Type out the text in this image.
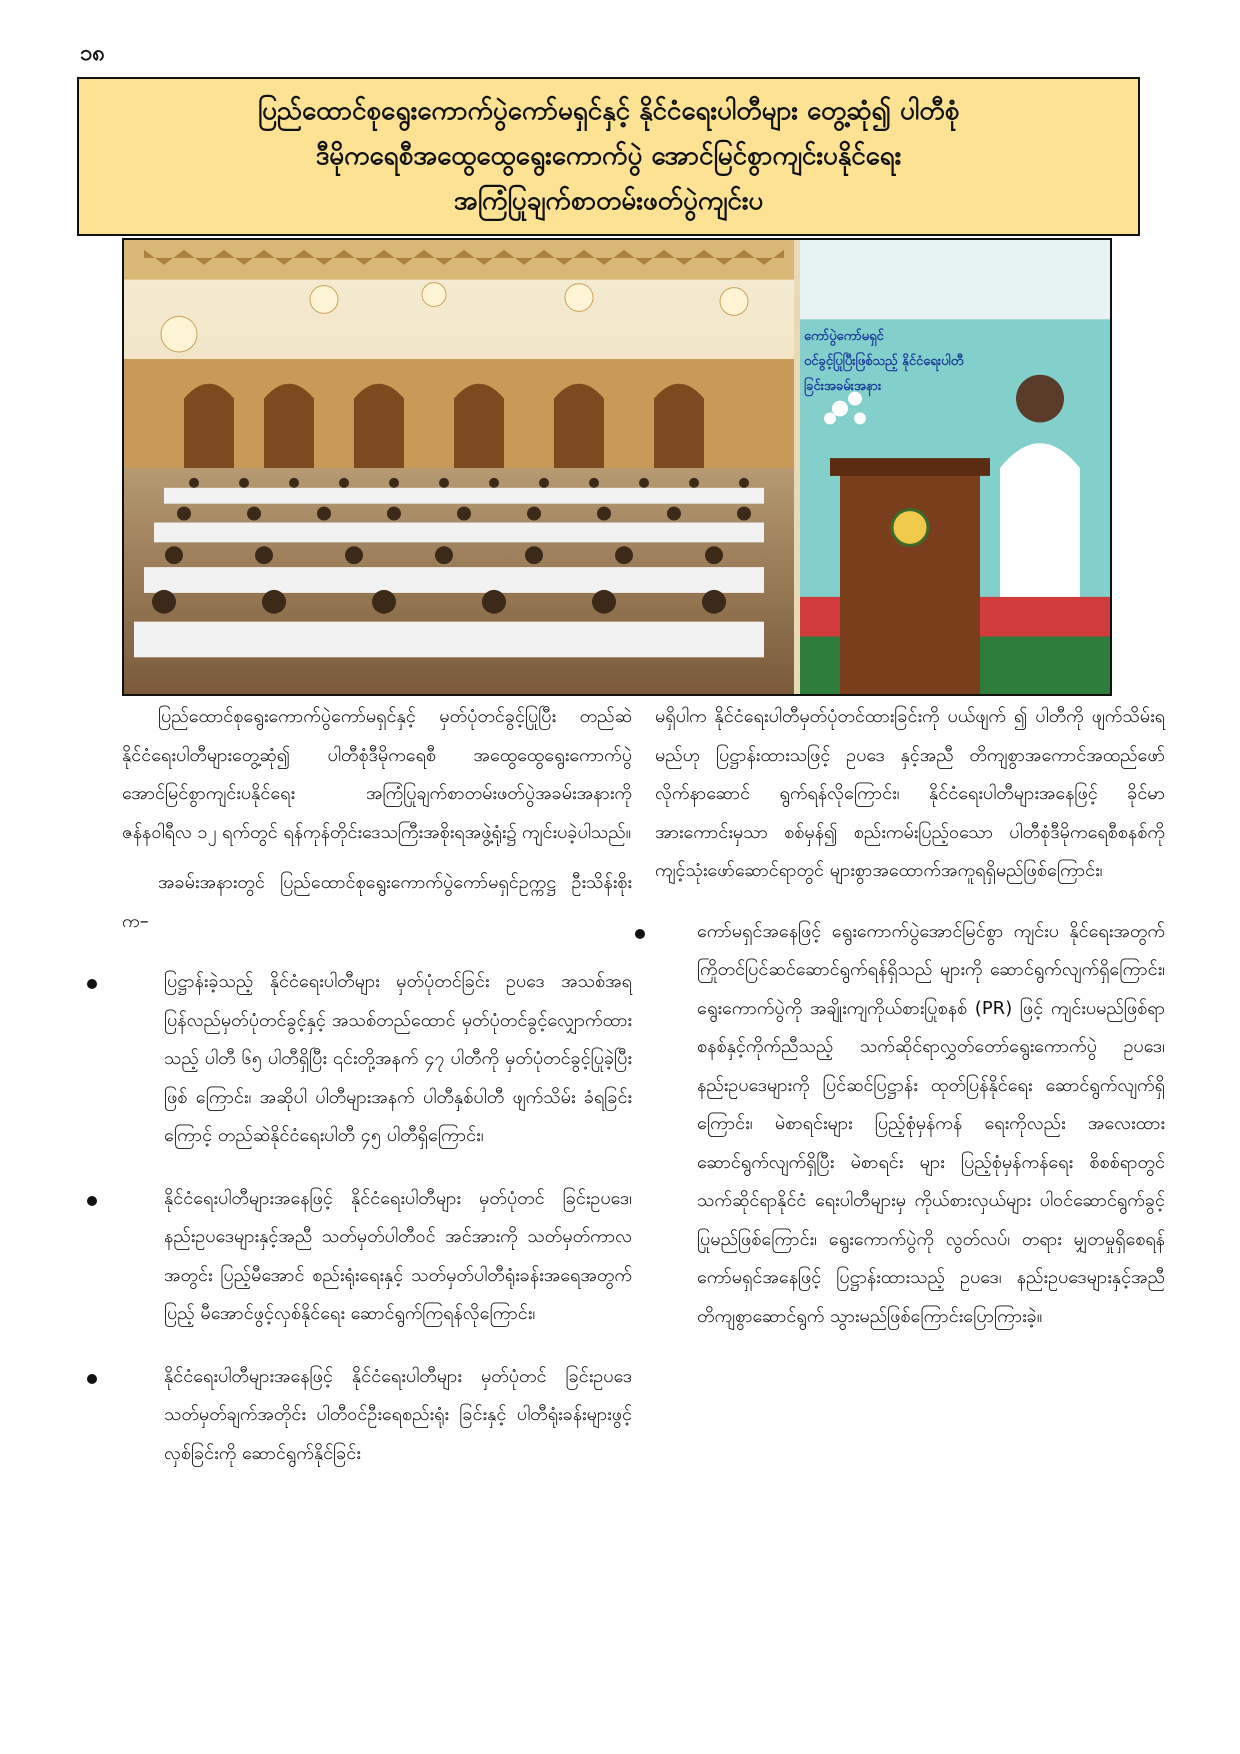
၁၈
ပြည်ထောင်စုရွေးကောက်ပွဲကော်မရှင်နှင့် နိုင်ငံရေးပါတီများ တွေ့ဆုံ၍ ပါတီစုံ
ဒီမိုကရေစီအထွေထွေရွေးကောက်ပွဲ အောင်မြင်စွာကျင်းပနိုင်ရေး
အကြံပြုချက်စာတမ်းဖတ်ပွဲကျင်းပ
ကော်ပွဲကော်မရှင်
ဝင်ခွင့်ပြုပြီးဖြစ်သည့် နိုင်ငံရေးပါတီ
ခြင်းအခမ်းအနား

ပြည်ထောင်စုရွေးကောက်ပွဲကော်မရှင်နှင့် မှတ်ပုံတင်ခွင့်ပြုပြီး တည်ဆဲနိုင်ငံရေးပါတီများတွေ့ဆုံ၍ ပါတီစုံဒီမိုကရေစီ အထွေထွေရွေးကောက်ပွဲ အောင်မြင်စွာကျင်းပနိုင်ရေး အကြံပြုချက်စာတမ်းဖတ်ပွဲအခမ်းအနားကို ဇန်နဝါရီလ ၁၂ ရက်တွင် ရန်ကုန်တိုင်းဒေသကြီးအစိုးရအဖွဲ့ရုံး၌ ကျင်းပခဲ့ပါသည်။

အခမ်းအနားတွင် ပြည်ထောင်စုရွေးကောက်ပွဲကော်မရှင်ဥက္ကဋ္ဌ ဦးသိန်းစိုးက–

ပြဋ္ဌာန်းခဲ့သည့် နိုင်ငံရေးပါတီများ မှတ်ပုံတင်ခြင်း ဥပဒေ အသစ်အရ ပြန်လည်မှတ်ပုံတင်ခွင့်နှင့် အသစ်တည်ထောင် မှတ်ပုံတင်ခွင့်လျှောက်ထားသည့် ပါတီ ၆၅ ပါတီရှိပြီး ၎င်းတို့အနက် ၄၇ ပါတီကို မှတ်ပုံတင်ခွင့်ပြုခဲ့ပြီးဖြစ် ကြောင်း၊ အဆိုပါ ပါတီများအနက် ပါတီနှစ်ပါတီ ဖျက်သိမ်း ခံရခြင်းကြောင့် တည်ဆဲနိုင်ငံရေးပါတီ ၄၅ ပါတီရှိကြောင်း၊

နိုင်ငံရေးပါတီများအနေဖြင့် နိုင်ငံရေးပါတီများ မှတ်ပုံတင် ခြင်းဥပဒေ၊ နည်းဥပဒေများနှင့်အညီ သတ်မှတ်ပါတီဝင် အင်အားကို သတ်မှတ်ကာလအတွင်း ပြည့်မီအောင် စည်းရုံးရေးနှင့် သတ်မှတ်ပါတီရုံးခန်းအရေအတွက် ပြည့် မီအောင်ဖွင့်လှစ်နိုင်ရေး ဆောင်ရွက်ကြရန်လိုကြောင်း၊

နိုင်ငံရေးပါတီများအနေဖြင့် နိုင်ငံရေးပါတီများ မှတ်ပုံတင် ခြင်းဥပဒေ သတ်မှတ်ချက်အတိုင်း ပါတီဝင်ဦးရေစည်းရုံး ခြင်းနှင့် ပါတီရုံးခန်းများဖွင့်လှစ်ခြင်းကို ဆောင်ရွက်နိုင်ခြင်း

မရှိပါက နိုင်ငံရေးပါတီမှတ်ပုံတင်ထားခြင်းကို ပယ်ဖျက် ၍ ပါတီကို ဖျက်သိမ်းရမည်ဟု ပြဋ္ဌာန်းထားသဖြင့် ဥပဒေ နှင့်အညီ တိကျစွာအကောင်အထည်ဖော် လိုက်နာဆောင် ရွက်ရန်လိုကြောင်း၊ နိုင်ငံရေးပါတီများအနေဖြင့် ခိုင်မာ အားကောင်းမှသာ စစ်မှန်၍ စည်းကမ်းပြည့်ဝသော ပါတီစုံဒီမိုကရေစီစနစ်ကို ကျင့်သုံးဖော်ဆောင်ရာတွင် များစွာအထောက်အကူရရှိမည်ဖြစ်ကြောင်း၊

ကော်မရှင်အနေဖြင့် ရွေးကောက်ပွဲအောင်မြင်စွာ ကျင်းပ နိုင်ရေးအတွက် ကြိုတင်ပြင်ဆင်ဆောင်ရွက်ရန်ရှိသည် များကို ဆောင်ရွက်လျက်ရှိကြောင်း၊ ရွေးကောက်ပွဲကို အချိုးကျကိုယ်စားပြုစနစ် (PR) ဖြင့် ကျင်းပမည်ဖြစ်ရာ စနစ်နှင့်ကိုက်ညီသည့် သက်ဆိုင်ရာလွှတ်တော်ရွေးကောက်ပွဲ ဥပဒေ၊ နည်းဥပဒေများကို ပြင်ဆင်ပြဋ္ဌာန်း ထုတ်ပြန်နိုင်ရေး ဆောင်ရွက်လျက်ရှိကြောင်း၊ မဲစာရင်းများ ပြည့်စုံမှန်ကန် ရေးကိုလည်း အလေးထားဆောင်ရွက်လျက်ရှိပြီး မဲစာရင်း များ ပြည့်စုံမှန်ကန်ရေး စိစစ်ရာတွင် သက်ဆိုင်ရာနိုင်ငံ ရေးပါတီများမှ ကိုယ်စားလှယ်များ ပါဝင်ဆောင်ရွက်ခွင့် ပြုမည်ဖြစ်ကြောင်း၊ ရွေးကောက်ပွဲကို လွတ်လပ်၊ တရား မျှတမှုရှိစေရန် ကော်မရှင်အနေဖြင့် ပြဋ္ဌာန်းထားသည့် ဥပဒေ၊ နည်းဥပဒေများနှင့်အညီ တိကျစွာဆောင်ရွက် သွားမည်ဖြစ်ကြောင်းပြောကြားခဲ့။
